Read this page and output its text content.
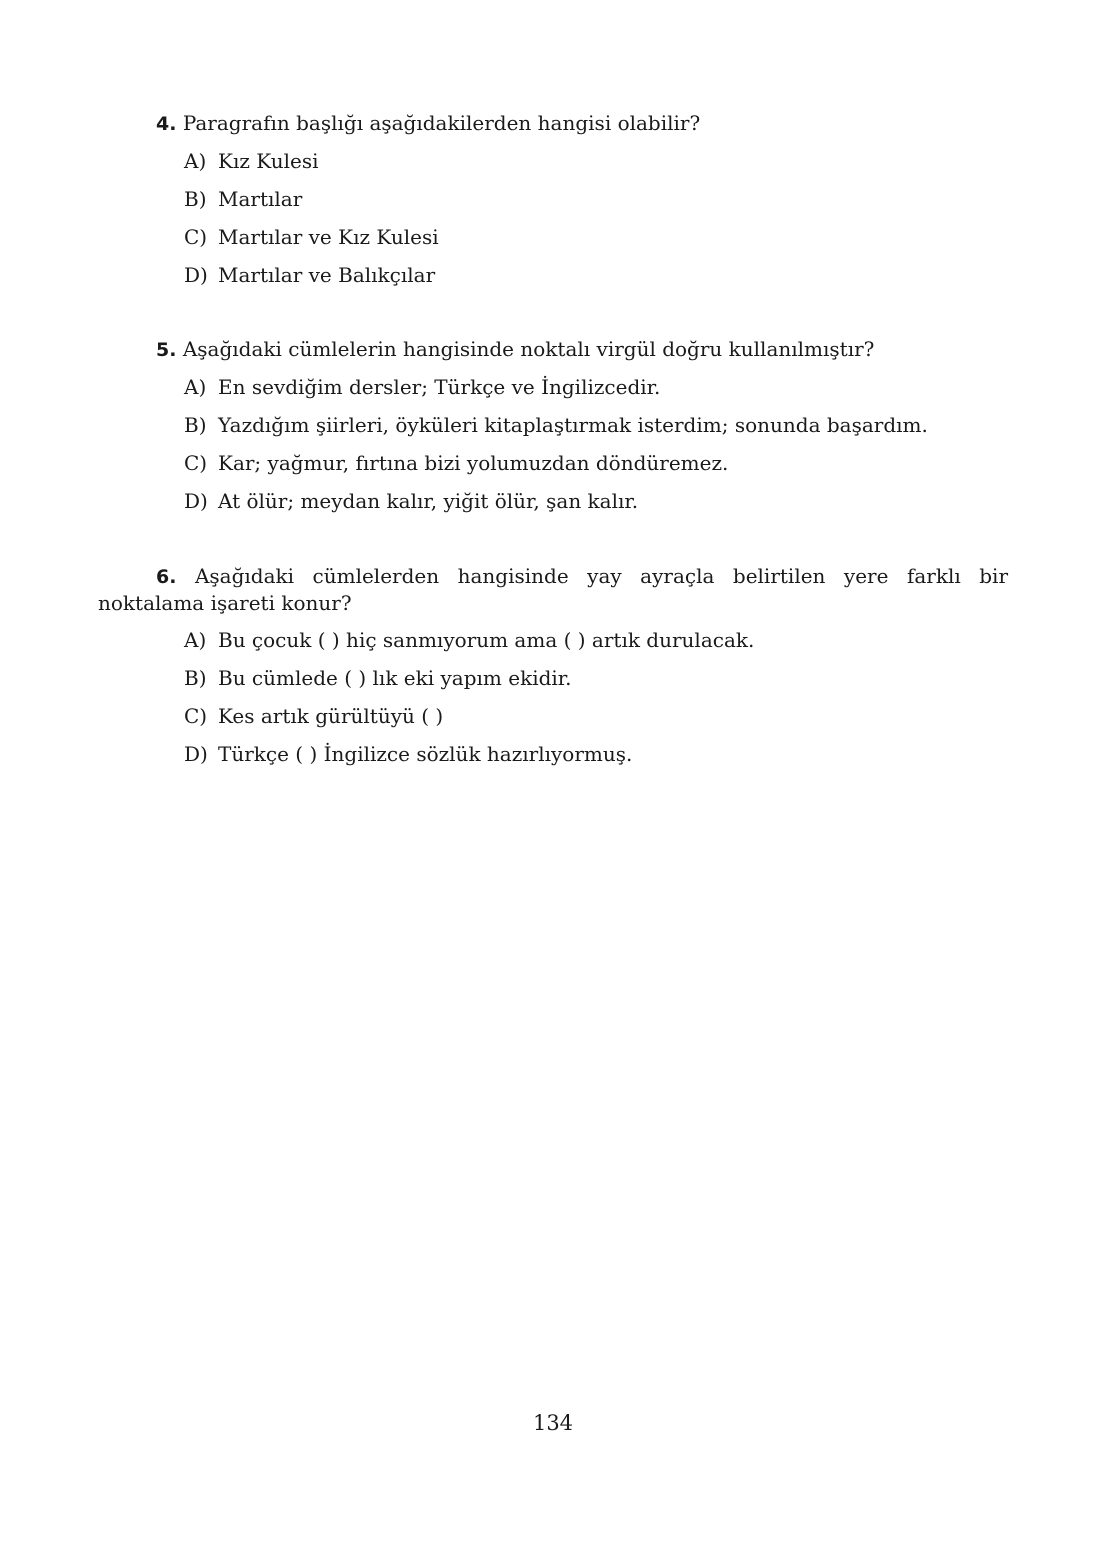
4. Paragrafın başlığı aşağıdakilerden hangisi olabilir?

A) Kız Kulesi
B) Martılar
C) Martılar ve Kız Kulesi
D) Martılar ve Balıkçılar

5. Aşağıdaki cümlelerin hangisinde noktalı virgül doğru kullanılmıştır?

A) En sevdiğim dersler; Türkçe ve İngilizcedir.
B) Yazdığım şiirleri, öyküleri kitaplaştırmak isterdim; sonunda başardım.
C) Kar; yağmur, fırtına bizi yolumuzdan döndüremez.
D) At ölür; meydan kalır, yiğit ölür, şan kalır.

6. Aşağıdaki cümlelerden hangisinde yay ayraçla belirtilen yere farklı bir noktalama işareti konur?

A) Bu çocuk ( ) hiç sanmıyorum ama ( ) artık durulacak.
B) Bu cümlede ( ) lık eki yapım ekidir.
C) Kes artık gürültüyü ( )
D) Türkçe ( ) İngilizce sözlük hazırlıyormuş.
134
